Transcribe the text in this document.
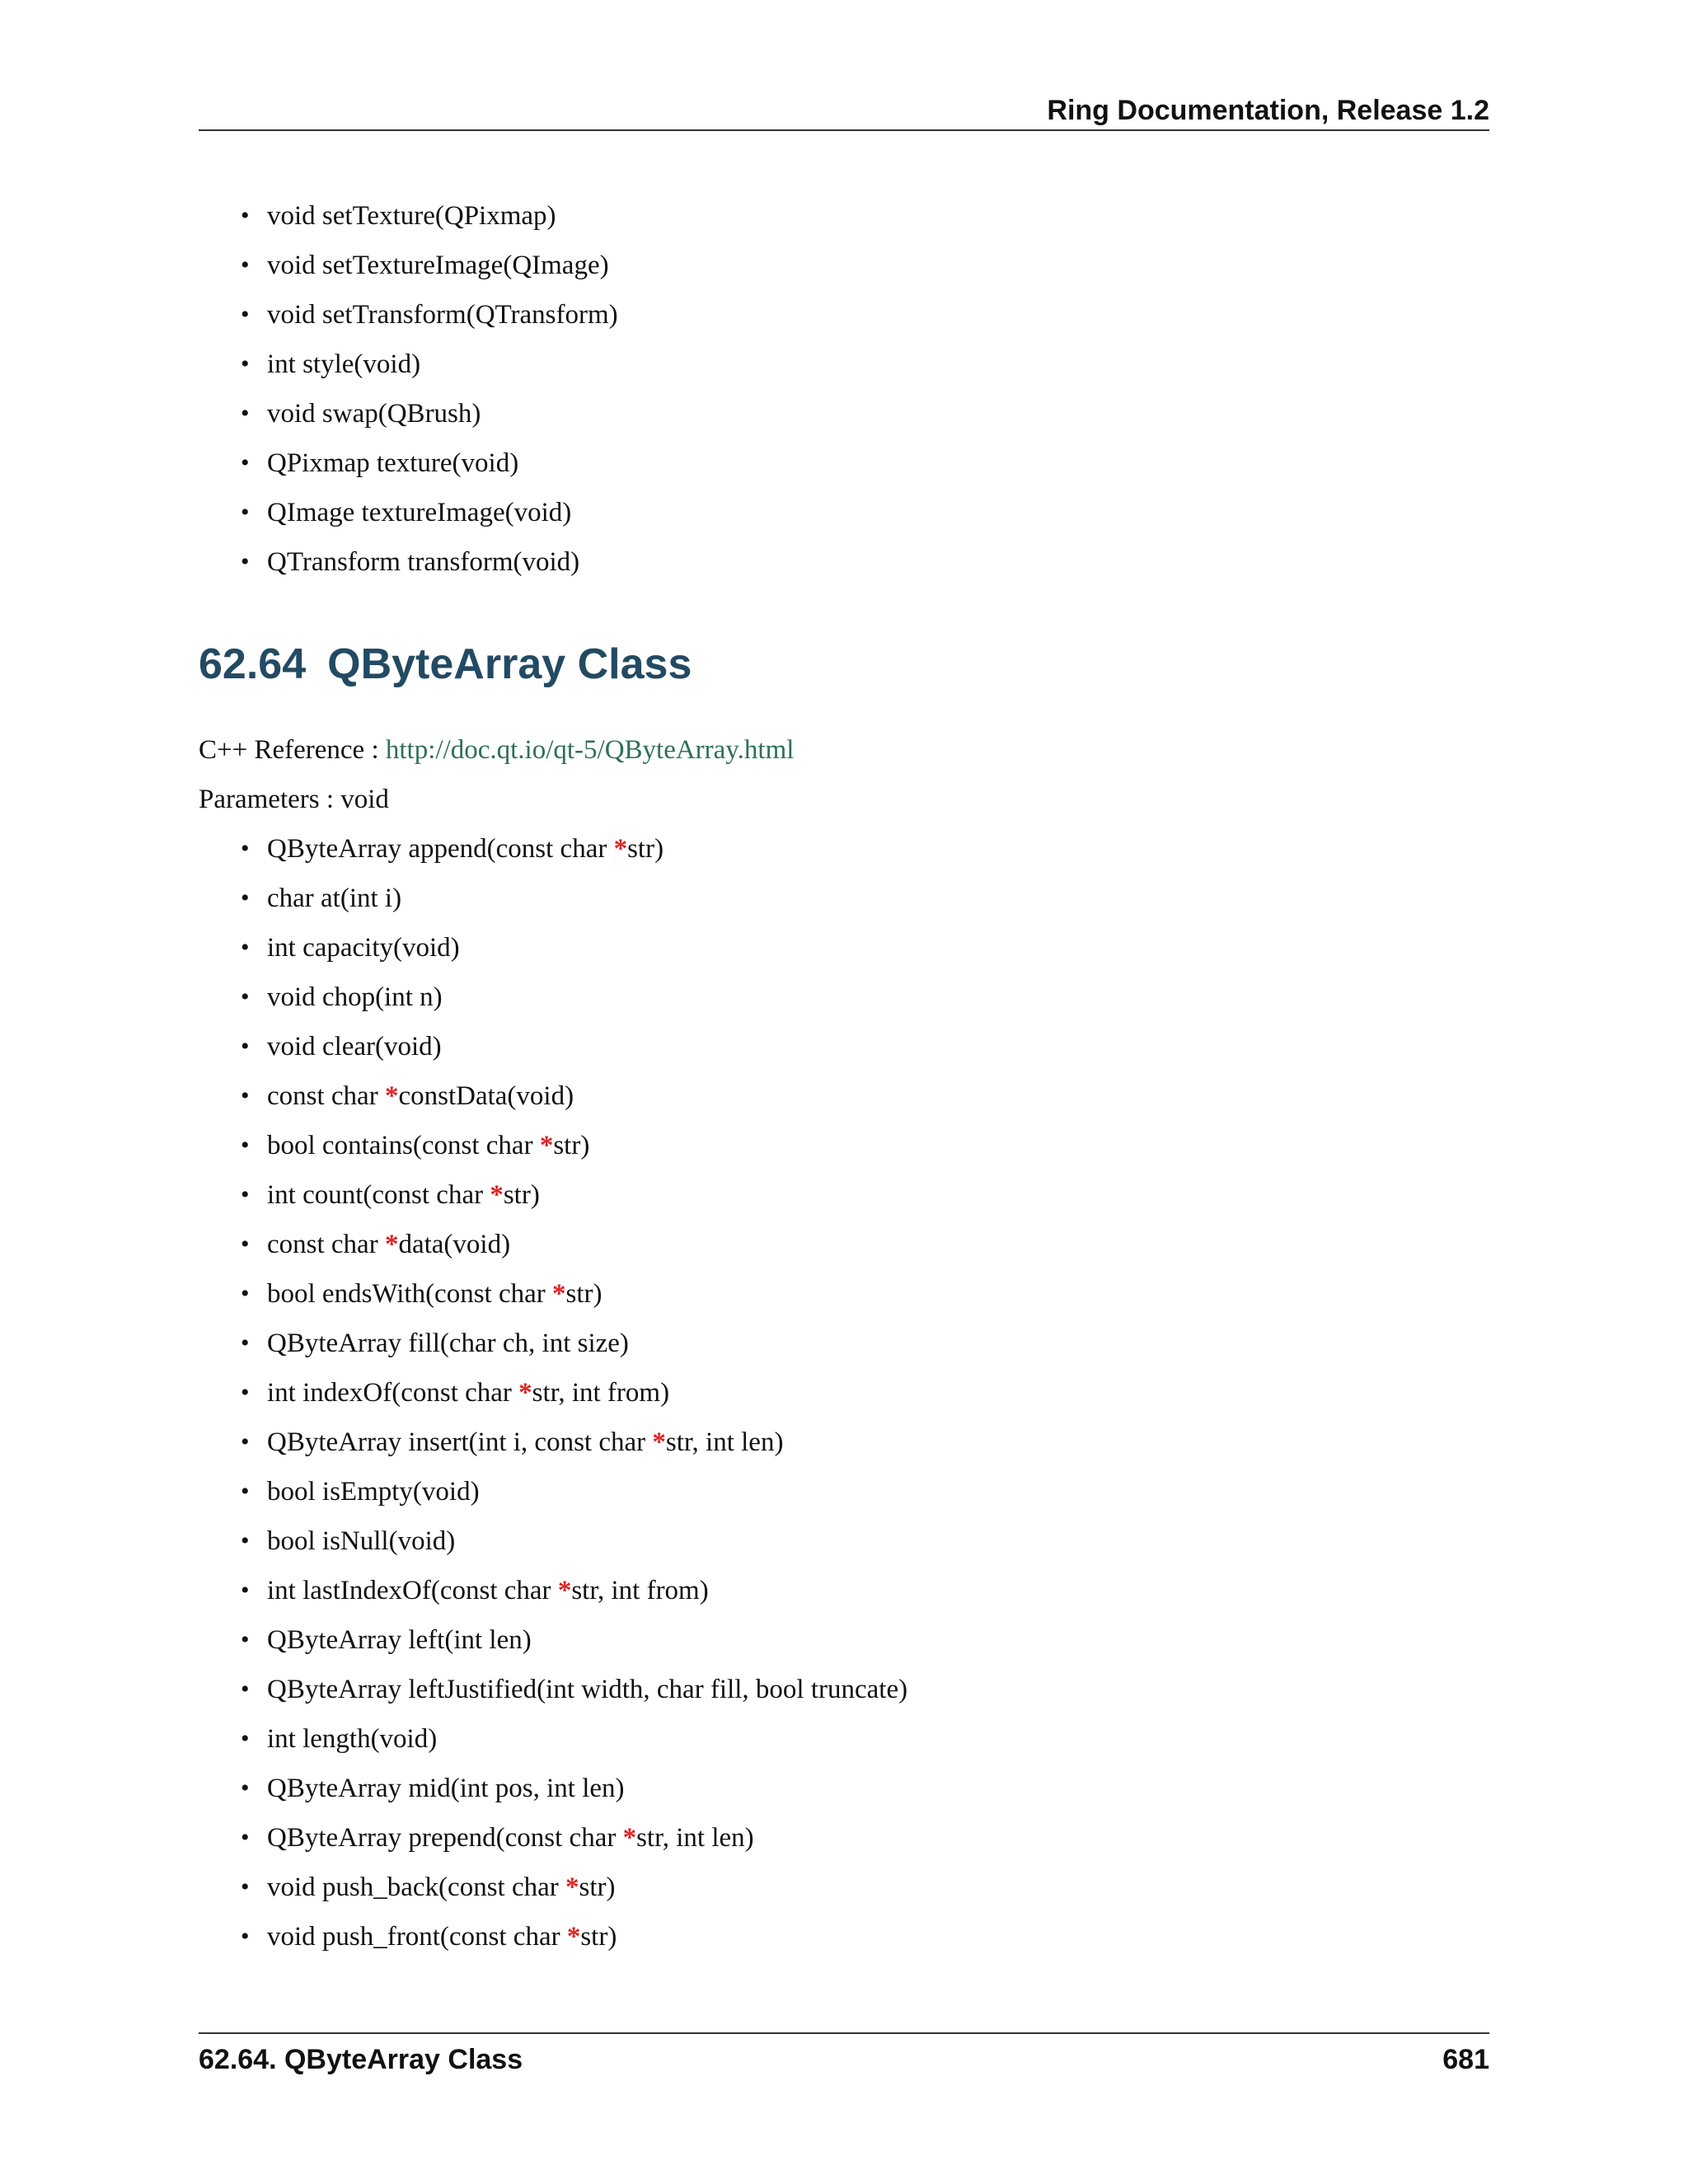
Ring Documentation, Release 1.2
• void setTexture(QPixmap)
• void setTextureImage(QImage)
• void setTransform(QTransform)
• int style(void)
• void swap(QBrush)
• QPixmap texture(void)
• QImage textureImage(void)
• QTransform transform(void)
62.64 QByteArray Class
C++ Reference : http://doc.qt.io/qt-5/QByteArray.html
Parameters : void
• QByteArray append(const char *str)
• char at(int i)
• int capacity(void)
• void chop(int n)
• void clear(void)
• const char *constData(void)
• bool contains(const char *str)
• int count(const char *str)
• const char *data(void)
• bool endsWith(const char *str)
• QByteArray fill(char ch, int size)
• int indexOf(const char *str, int from)
• QByteArray insert(int i, const char *str, int len)
• bool isEmpty(void)
• bool isNull(void)
• int lastIndexOf(const char *str, int from)
• QByteArray left(int len)
• QByteArray leftJustified(int width, char fill, bool truncate)
• int length(void)
• QByteArray mid(int pos, int len)
• QByteArray prepend(const char *str, int len)
• void push_back(const char *str)
• void push_front(const char *str)
62.64. QByteArray Class	681
